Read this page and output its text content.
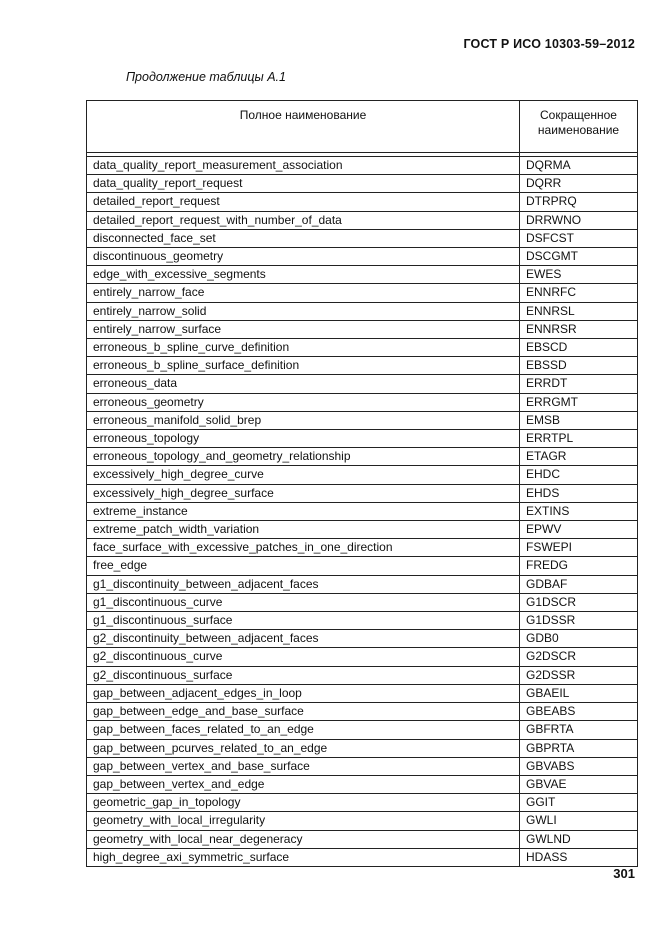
ГОСТ Р ИСО 10303-59–2012
Продолжение таблицы А.1
Полное наименование	Сокращенное
наименование

data_quality_report_measurement_association	DQRMA
data_quality_report_request	DQRR
detailed_report_request	DTRPRQ
detailed_report_request_with_number_of_data	DRRWNO
disconnected_face_set	DSFCST
discontinuous_geometry	DSCGMT
edge_with_excessive_segments	EWES
entirely_narrow_face	ENNRFC
entirely_narrow_solid	ENNRSL
entirely_narrow_surface	ENNRSR
erroneous_b_spline_curve_definition	EBSCD
erroneous_b_spline_surface_definition	EBSSD
erroneous_data	ERRDT
erroneous_geometry	ERRGMT
erroneous_manifold_solid_brep	EMSB
erroneous_topology	ERRTPL
erroneous_topology_and_geometry_relationship	ETAGR
excessively_high_degree_curve	EHDC
excessively_high_degree_surface	EHDS
extreme_instance	EXTINS
extreme_patch_width_variation	EPWV
face_surface_with_excessive_patches_in_one_direction	FSWEPI
free_edge	FREDG
g1_discontinuity_between_adjacent_faces	GDBAF
g1_discontinuous_curve	G1DSCR
g1_discontinuous_surface	G1DSSR
g2_discontinuity_between_adjacent_faces	GDB0
g2_discontinuous_curve	G2DSCR
g2_discontinuous_surface	G2DSSR
gap_between_adjacent_edges_in_loop	GBAEIL
gap_between_edge_and_base_surface	GBEABS
gap_between_faces_related_to_an_edge	GBFRTA
gap_between_pcurves_related_to_an_edge	GBPRTA
gap_between_vertex_and_base_surface	GBVABS
gap_between_vertex_and_edge	GBVAE
geometric_gap_in_topology	GGIT
geometry_with_local_irregularity	GWLI
geometry_with_local_near_degeneracy	GWLND
high_degree_axi_symmetric_surface	HDASS
301
